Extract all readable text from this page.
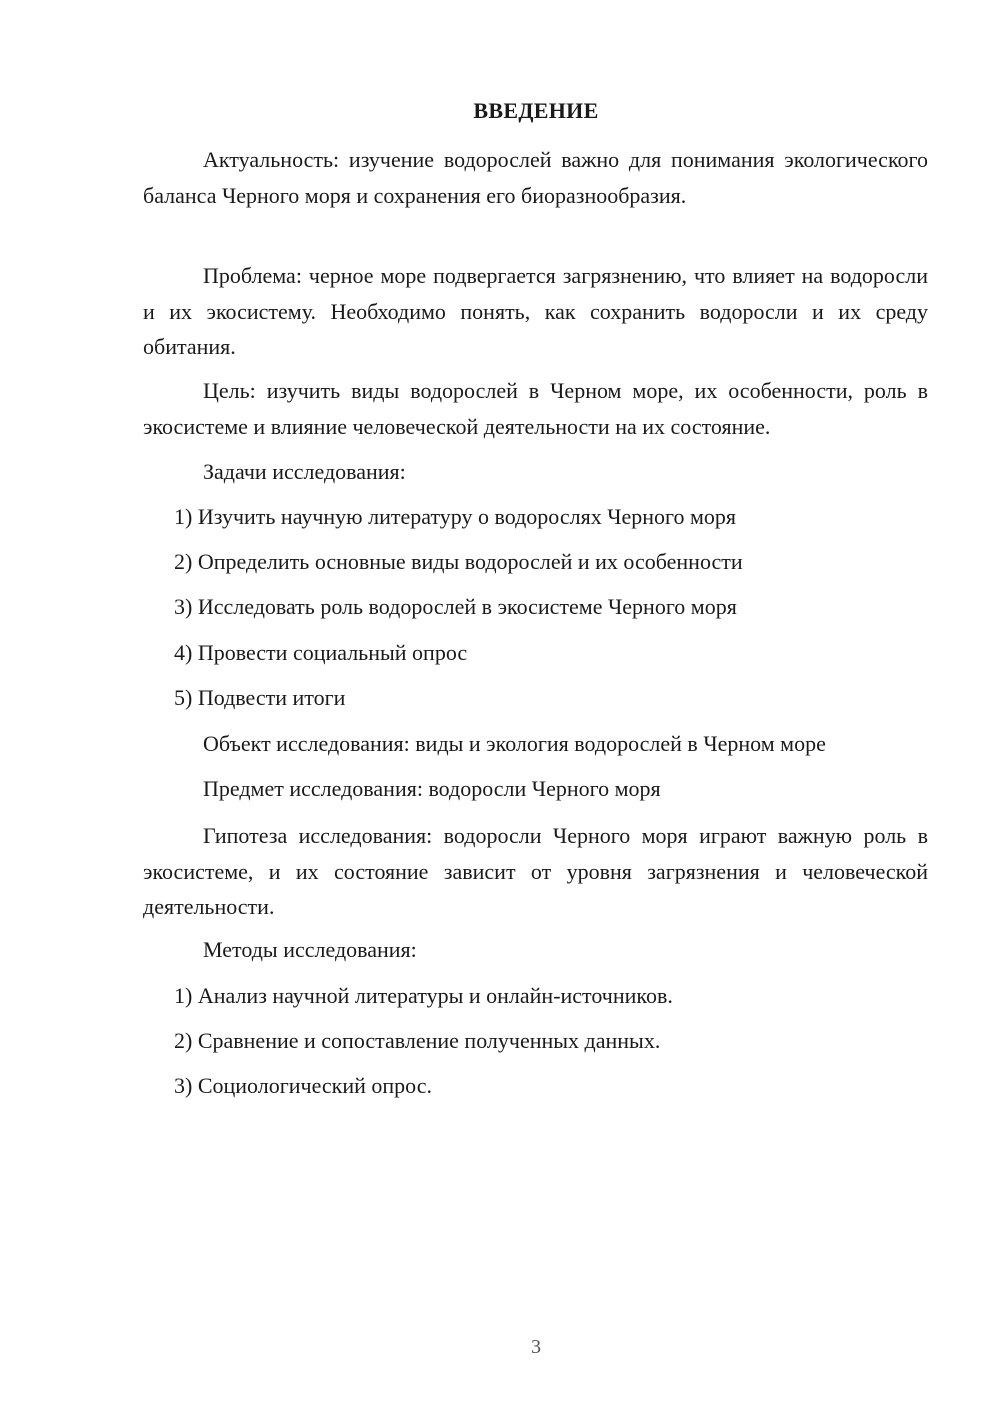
ВВЕДЕНИЕ

Актуальность: изучение водорослей важно для понимания экологического баланса Черного моря и сохранения его биоразнообразия.

Проблема: черное море подвергается загрязнению, что влияет на водоросли и их экосистему. Необходимо понять, как сохранить водоросли и их среду обитания.

Цель: изучить виды водорослей в Черном море, их особенности, роль в экосистеме и влияние человеческой деятельности на их состояние.

Задачи исследования:
1) Изучить научную литературу о водорослях Черного моря
2) Определить основные виды водорослей и их особенности
3) Исследовать роль водорослей в экосистеме Черного моря
4) Провести социальный опрос
5) Подвести итоги
Объект исследования: виды и экология водорослей в Черном море
Предмет исследования: водоросли Черного моря

Гипотеза исследования: водоросли Черного моря играют важную роль в экосистеме, и их состояние зависит от уровня загрязнения и человеческой деятельности.

Методы исследования:
1) Анализ научной литературы и онлайн-источников.
2) Сравнение и сопоставление полученных данных.
3) Социологический опрос.
3
